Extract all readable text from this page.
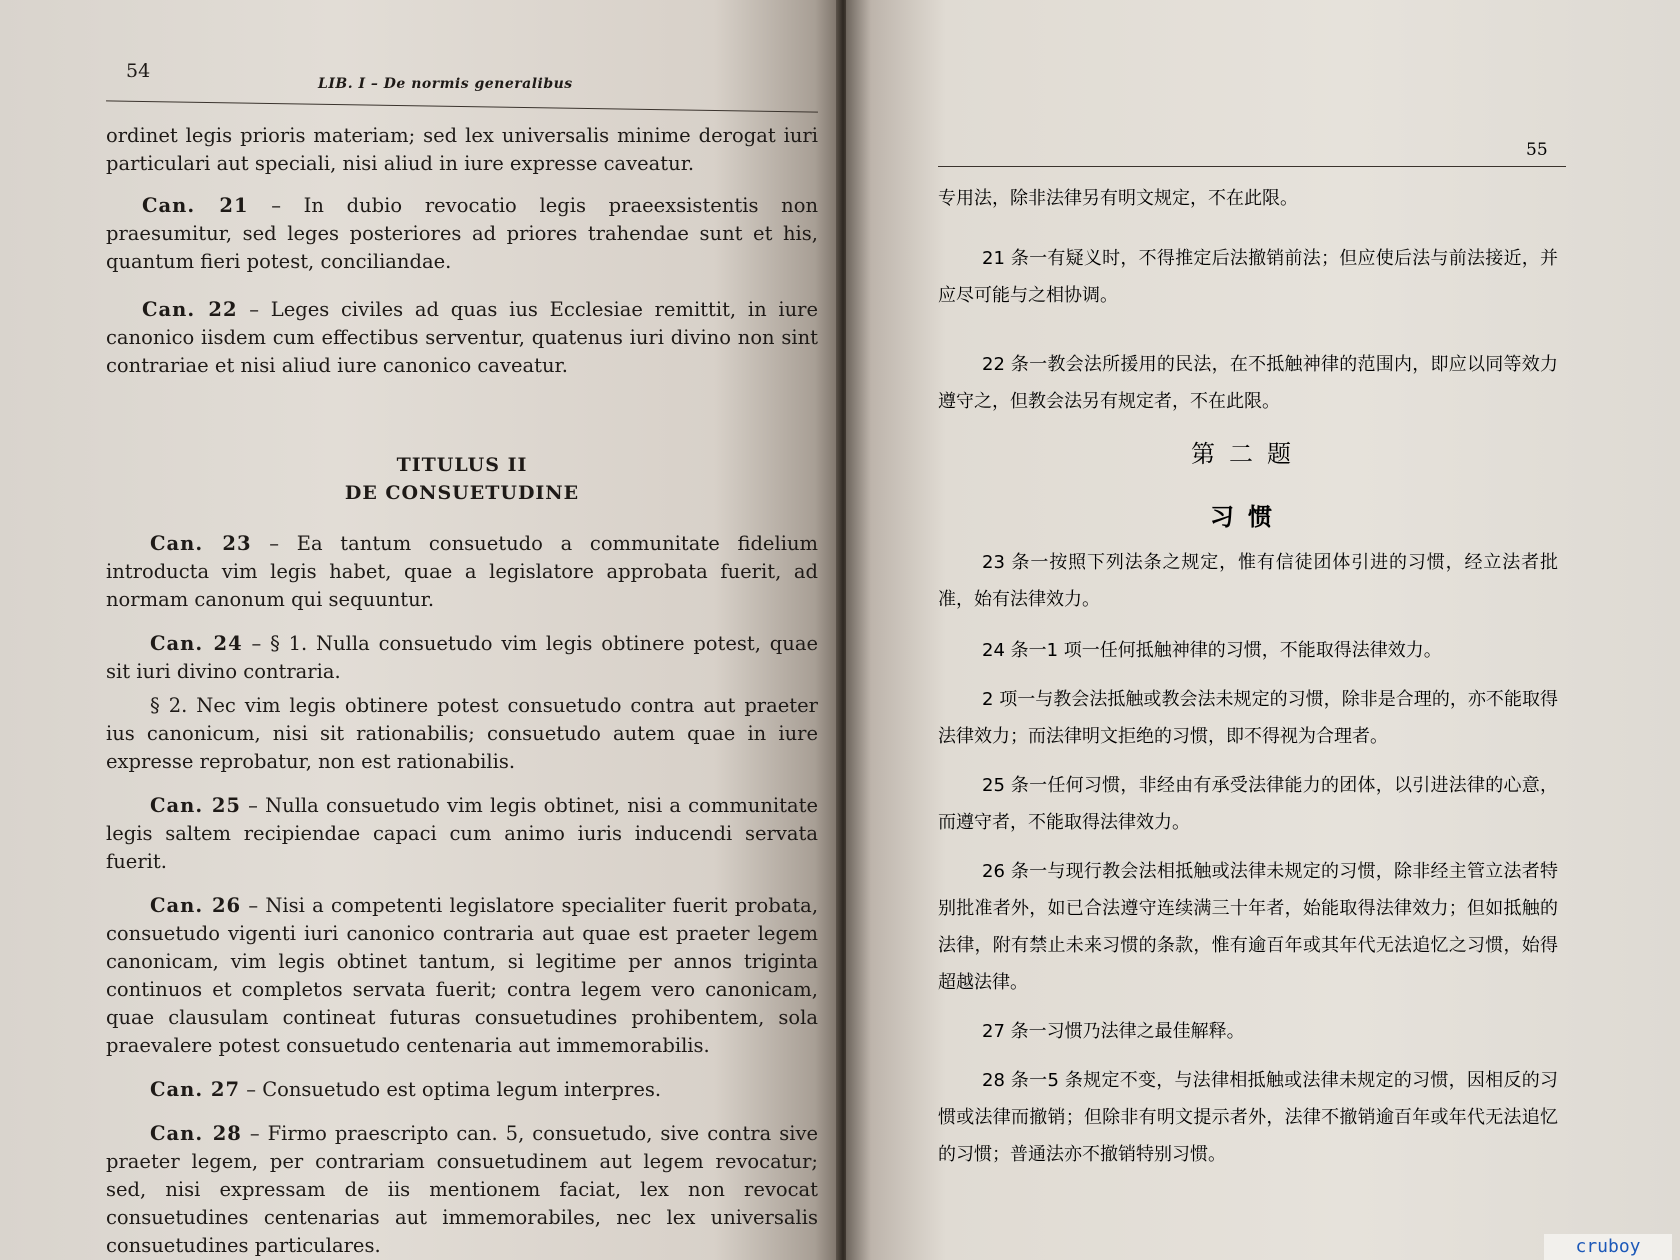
54
LIB. I – De normis generalibus

ordinet legis prioris materiam; sed lex universalis minime derogat iuri particulari aut speciali, nisi aliud in iure expresse caveatur.

Can. 21 – In dubio revocatio legis praeexsistentis non praesumitur, sed leges posteriores ad priores trahendae sunt et his, quantum fieri potest, conciliandae.

Can. 22 – Leges civiles ad quas ius Ecclesiae remittit, in iure canonico iisdem cum effectibus serventur, quatenus iuri divino non sint contrariae et nisi aliud iure canonico caveatur.

TITULUS II
DE CONSUETUDINE

Can. 23 – Ea tantum consuetudo a communitate fidelium introducta vim legis habet, quae a legislatore approbata fuerit, ad normam canonum qui sequuntur.

Can. 24 – § 1. Nulla consuetudo vim legis obtinere potest, quae sit iuri divino contraria.

§ 2. Nec vim legis obtinere potest consuetudo contra aut praeter ius canonicum, nisi sit rationabilis; consuetudo autem quae in iure expresse reprobatur, non est rationabilis.

Can. 25 – Nulla consuetudo vim legis obtinet, nisi a communitate legis saltem recipiendae capaci cum animo iuris inducendi servata fuerit.

Can. 26 – Nisi a competenti legislatore specialiter fuerit probata, consuetudo vigenti iuri canonico contraria aut quae est praeter legem canonicam, vim legis obtinet tantum, si legitime per annos triginta continuos et completos servata fuerit; contra legem vero canonicam, quae clausulam contineat futuras consuetudines prohibentem, sola praevalere potest consuetudo centenaria aut immemorabilis.

Can. 27 – Consuetudo est optima legum interpres.

Can. 28 – Firmo praescripto can. 5, consuetudo, sive contra sive praeter legem, per contrariam consuetudinem aut legem revocatur; sed, nisi expressam de iis mentionem faciat, lex non revocat consuetudines centenarias aut immemorabiles, nec lex universalis consuetudines particulares.

55

专用法，除非法律另有明文规定，不在此限。

21 条一有疑义时，不得推定后法撤销前法；但应使后法与前法接近，并应尽可能与之相协调。

22 条一教会法所援用的民法，在不抵触神律的范围内，即应以同等效力遵守之，但教会法另有规定者，不在此限。

第二题
习惯

23 条一按照下列法条之规定，惟有信徒团体引进的习惯，经立法者批准，始有法律效力。

24 条一1 项一任何抵触神律的习惯，不能取得法律效力。

2 项一与教会法抵触或教会法未规定的习惯，除非是合理的，亦不能取得法律效力；而法律明文拒绝的习惯，即不得视为合理者。

25 条一任何习惯，非经由有承受法律能力的团体，以引进法律的心意，而遵守者，不能取得法律效力。

26 条一与现行教会法相抵触或法律未规定的习惯，除非经主管立法者特别批准者外，如已合法遵守连续满三十年者，始能取得法律效力；但如抵触的法律，附有禁止未来习惯的条款，惟有逾百年或其年代无法追忆之习惯，始得超越法律。

27 条一习惯乃法律之最佳解释。

28 条一5 条规定不变，与法律相抵触或法律未规定的习惯，因相反的习惯或法律而撤销；但除非有明文提示者外，法律不撤销逾百年或年代无法追忆的习惯；普通法亦不撤销特别习惯。

cruboy
